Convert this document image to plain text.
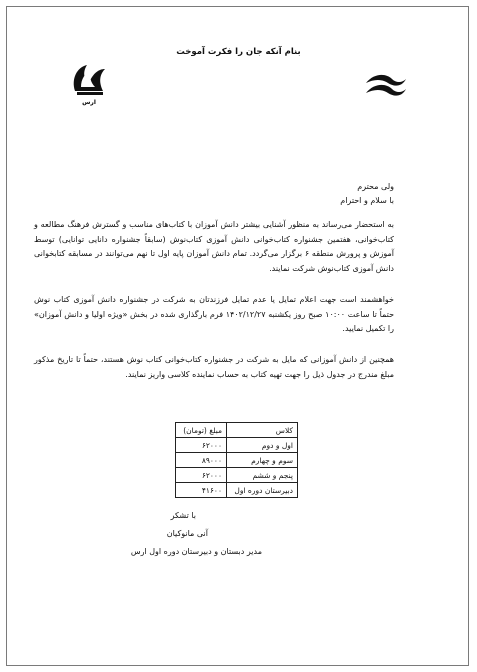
بنام آنکه جان را فکرت آموخت
ارس
ولی محترم
با سلام و احترام
به استحضار می‌رساند به منظور آشنایی بیشتر دانش آموزان با کتاب‌های مناسب و گسترش فرهنگ مطالعه و کتاب‌خوانی، هفتمین جشنواره کتاب‌خوانی دانش آموزی کتاب‌نوش (سابقاً جشنواره دانایی توانایی) توسط آموزش و پرورش منطقه ۶ برگزار می‌گردد. تمام دانش آموزان پایه اول تا نهم می‌توانند در مسابقه کتابخوانی دانش آموزی کتاب‌نوش شرکت نمایند.
خواهشمند است جهت اعلام تمایل یا عدم تمایل فرزندتان به شرکت در جشنواره دانش آموزی کتاب نوش حتماً تا ساعت ۱۰:۰۰ صبح روز یکشنبه ۱۴۰۲/۱۲/۲۷ فرم بارگذاری شده در بخش «ویژه اولیا و دانش آموزان» را تکمیل نمایید.
همچنین از دانش آموزانی که مایل به شرکت در جشنواره کتاب‌خوانی کتاب نوش هستند، حتماً تا تاریخ مذکور مبلغ مندرج در جدول ذیل را جهت تهیه کتاب به حساب نماینده کلاسی واریز نمایند.
کلاس	مبلغ (تومان)
اول و دوم	۶۲۰۰۰
سوم و چهارم	۸۹۰۰۰
پنجم و ششم	۶۲۰۰۰
دبیرستان دوره اول	۴۱۶۰۰
با تشکر
آنی مانوکیان
مدیر دبستان و دبیرستان دوره اول ارس
